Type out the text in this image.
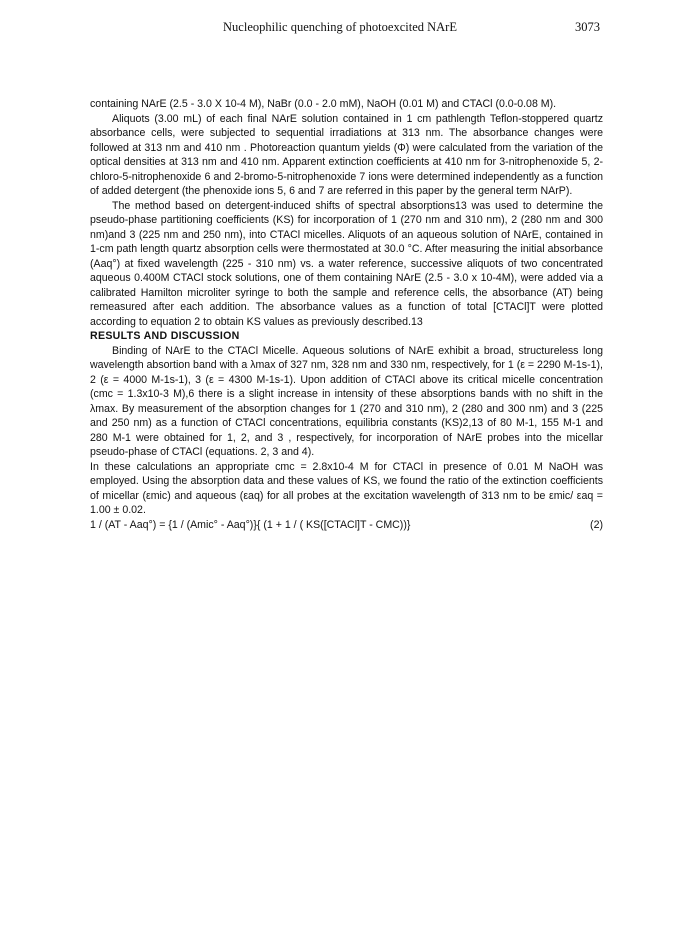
Nucleophilic quenching of photoexcited NArE	3073

containing NArE (2.5 - 3.0 X 10-4 M), NaBr (0.0 - 2.0 mM), NaOH (0.01 M) and CTACl (0.0-0.08 M).

Aliquots (3.00 mL) of each final NArE solution contained in 1 cm pathlength Teflon-stoppered quartz absorbance cells, were subjected to sequential irradiations at 313 nm. The absorbance changes were followed at 313 nm and 410 nm . Photoreaction quantum yields (Φ) were calculated from the variation of the optical densities at 313 nm and 410 nm. Apparent extinction coefficients at 410 nm for 3-nitrophenoxide 5, 2-chloro-5-nitrophenoxide 6 and 2-bromo-5-nitrophenoxide 7 ions were determined independently as a function of added detergent (the phenoxide ions 5, 6 and 7 are referred in this paper by the general term NArP).

The method based on detergent-induced shifts of spectral absorptions13 was used to determine the pseudo-phase partitioning coefficients (KS) for incorporation of 1 (270 nm and 310 nm), 2 (280 nm and 300 nm)and 3 (225 nm and 250 nm), into CTACl micelles. Aliquots of an aqueous solution of NArE, contained in 1-cm path length quartz absorption cells were thermostated at 30.0 °C. After measuring the initial absorbance (Aaq°) at fixed wavelength (225 - 310 nm) vs. a water reference, successive aliquots of two concentrated aqueous 0.400M CTACl stock solutions, one of them containing NArE (2.5 - 3.0 x 10-4M), were added via a calibrated Hamilton microliter syringe to both the sample and reference cells, the absorbance (AT) being remeasured after each addition. The absorbance values as a function of total [CTACl]T were plotted according to equation 2 to obtain KS values as previously described.13

RESULTS AND DISCUSSION

Binding of NArE to the CTACl Micelle. Aqueous solutions of NArE exhibit a broad, structureless long wavelength absortion band with a λmax of 327 nm, 328 nm and 330 nm, respectively, for 1 (ε = 2290 M-1s-1), 2 (ε = 4000 M-1s-1), 3 (ε = 4300 M-1s-1). Upon addition of CTACl above its critical micelle concentration (cmc = 1.3x10-3 M),6 there is a slight increase in intensity of these absorptions bands with no shift in the λmax. By measurement of the absorption changes for 1 (270 and 310 nm), 2 (280 and 300 nm) and 3 (225 and 250 nm) as a function of CTACl concentrations, equilibria constants (KS)2,13 of 80 M-1, 155 M-1 and 280 M-1 were obtained for 1, 2, and 3 , respectively, for incorporation of NArE probes into the micellar pseudo-phase of CTACl (equations. 2, 3 and 4).

In these calculations an appropriate cmc = 2.8x10-4 M for CTACl in presence of 0.01 M NaOH was employed. Using the absorption data and these values of KS, we found the ratio of the extinction coefficients of micellar (εmic) and aqueous (εaq) for all probes at the excitation wavelength of 313 nm to be εmic/ εaq = 1.00 ± 0.02.

1 / (AT - Aaq°) = {1 / (Amic° - Aaq°)}{ (1 + 1 / ( KS([CTACl]T - CMC))}	(2)
